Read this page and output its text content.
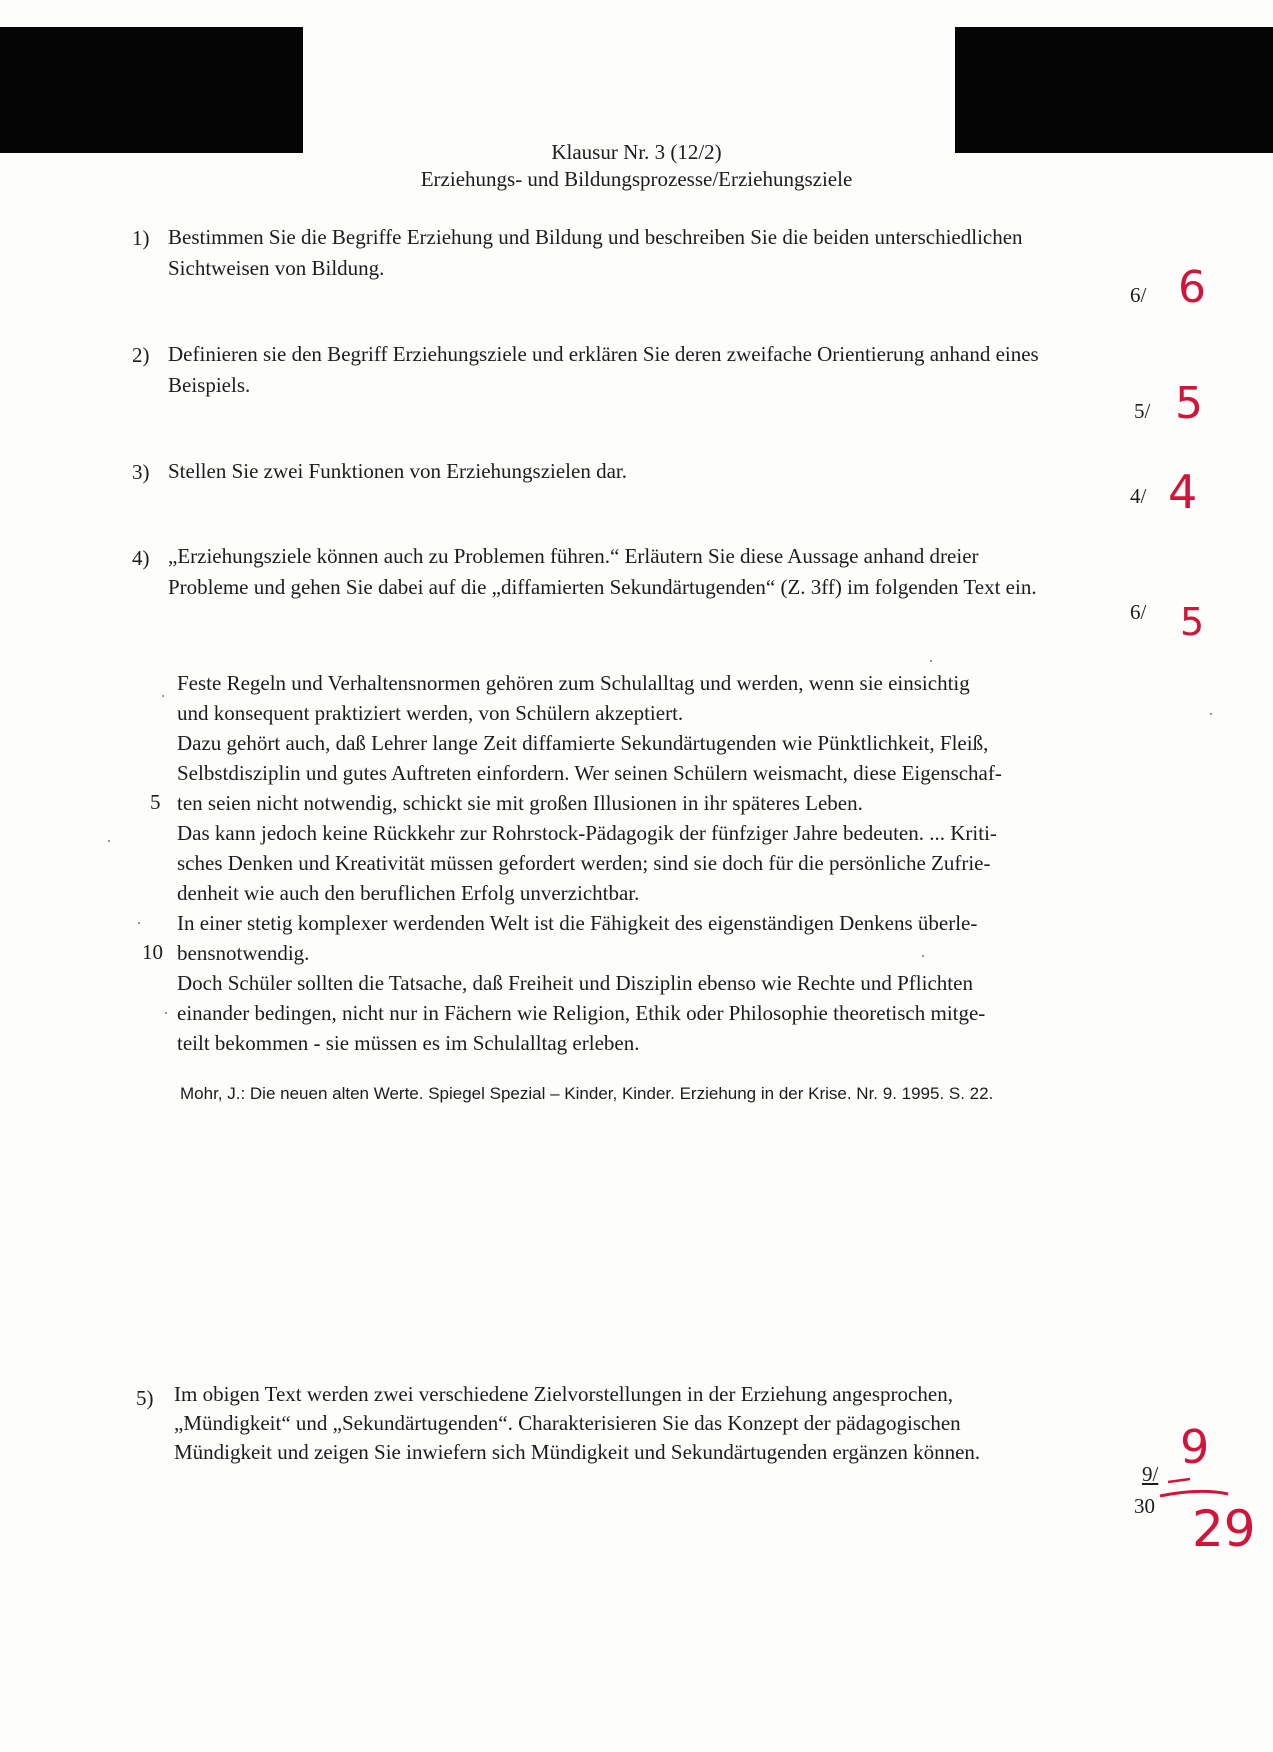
Klausur Nr. 3 (12/2)
Erziehungs- und Bildungsprozesse/Erziehungsziele
1) Bestimmen Sie die Begriffe Erziehung und Bildung und beschreiben Sie die beiden unterschiedlichen
Sichtweisen von Bildung.
6/ 6
2) Definieren sie den Begriff Erziehungsziele und erklären Sie deren zweifache Orientierung anhand eines
Beispiels.
5/ 5
3) Stellen Sie zwei Funktionen von Erziehungszielen dar.
4/ 4
4) „Erziehungsziele können auch zu Problemen führen.“ Erläutern Sie diese Aussage anhand dreier
Probleme und gehen Sie dabei auf die „diffamierten Sekundärtugenden“ (Z. 3ff) im folgenden Text ein.
6/ 5
Feste Regeln und Verhaltensnormen gehören zum Schulalltag und werden, wenn sie einsichtig
und konsequent praktiziert werden, von Schülern akzeptiert.
Dazu gehört auch, daß Lehrer lange Zeit diffamierte Sekundärtugenden wie Pünktlichkeit, Fleiß,
Selbstdisziplin und gutes Auftreten einfordern. Wer seinen Schülern weismacht, diese Eigenschaf-
ten seien nicht notwendig, schickt sie mit großen Illusionen in ihr späteres Leben.
Das kann jedoch keine Rückkehr zur Rohrstock-Pädagogik der fünfziger Jahre bedeuten. ... Kriti-
sches Denken und Kreativität müssen gefordert werden; sind sie doch für die persönliche Zufrie-
denheit wie auch den beruflichen Erfolg unverzichtbar.
In einer stetig komplexer werdenden Welt ist die Fähigkeit des eigenständigen Denkens überle-
bensnotwendig.
Doch Schüler sollten die Tatsache, daß Freiheit und Disziplin ebenso wie Rechte und Pflichten
einander bedingen, nicht nur in Fächern wie Religion, Ethik oder Philosophie theoretisch mitge-
teilt bekommen - sie müssen es im Schulalltag erleben.
5
10
Mohr, J.: Die neuen alten Werte. Spiegel Spezial – Kinder, Kinder. Erziehung in der Krise. Nr. 9. 1995. S. 22.
5) Im obigen Text werden zwei verschiedene Zielvorstellungen in der Erziehung angesprochen,
„Mündigkeit“ und „Sekundärtugenden“. Charakterisieren Sie das Konzept der pädagogischen
Mündigkeit und zeigen Sie inwiefern sich Mündigkeit und Sekundärtugenden ergänzen können.
9/ 9
30 29
